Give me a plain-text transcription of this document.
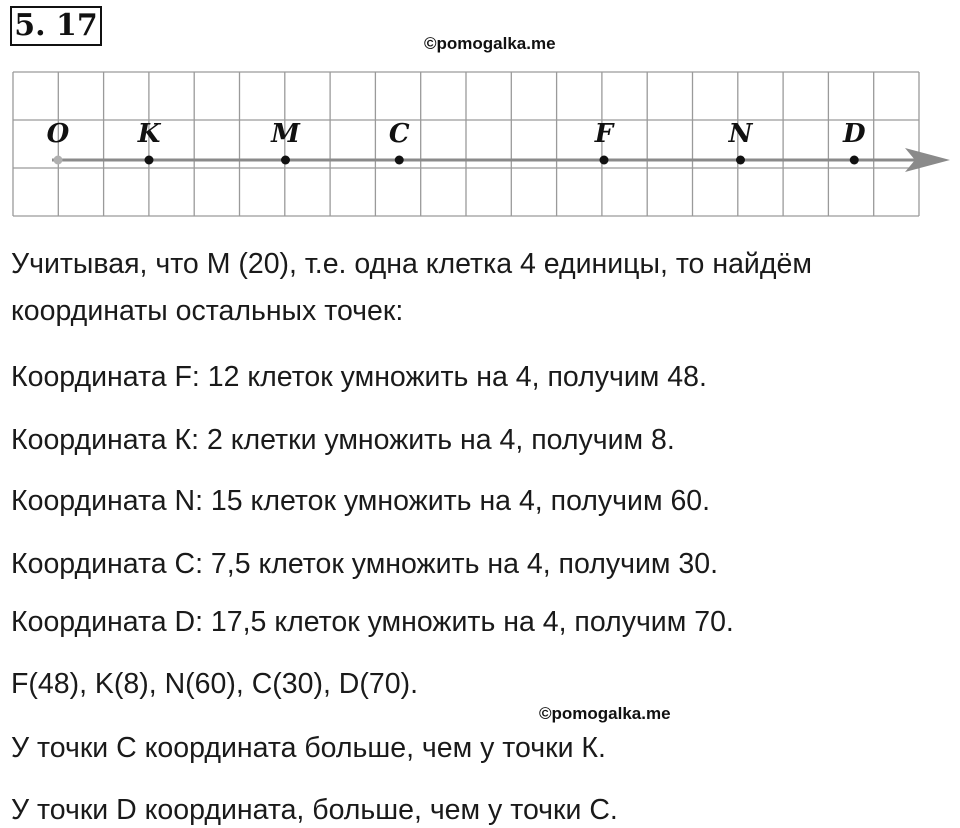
5. 17
©pomogalka.me
O	K	M	C	F	N	D
Учитывая, что М (20), т.е. одна клетка 4 единицы, то найдём
координаты остальных точек:
Координата F: 12 клеток умножить на 4, получим 48.
Координата К: 2 клетки умножить на 4, получим 8.
Координата N: 15 клеток умножить на 4, получим 60.
Координата С: 7,5 клеток умножить на 4, получим 30.
Координата D: 17,5 клеток умножить на 4, получим 70.
F(48), K(8), N(60), C(30), D(70).
©pomogalka.me
У точки С координата больше, чем у точки К.
У точки D координата, больше, чем у точки С.
